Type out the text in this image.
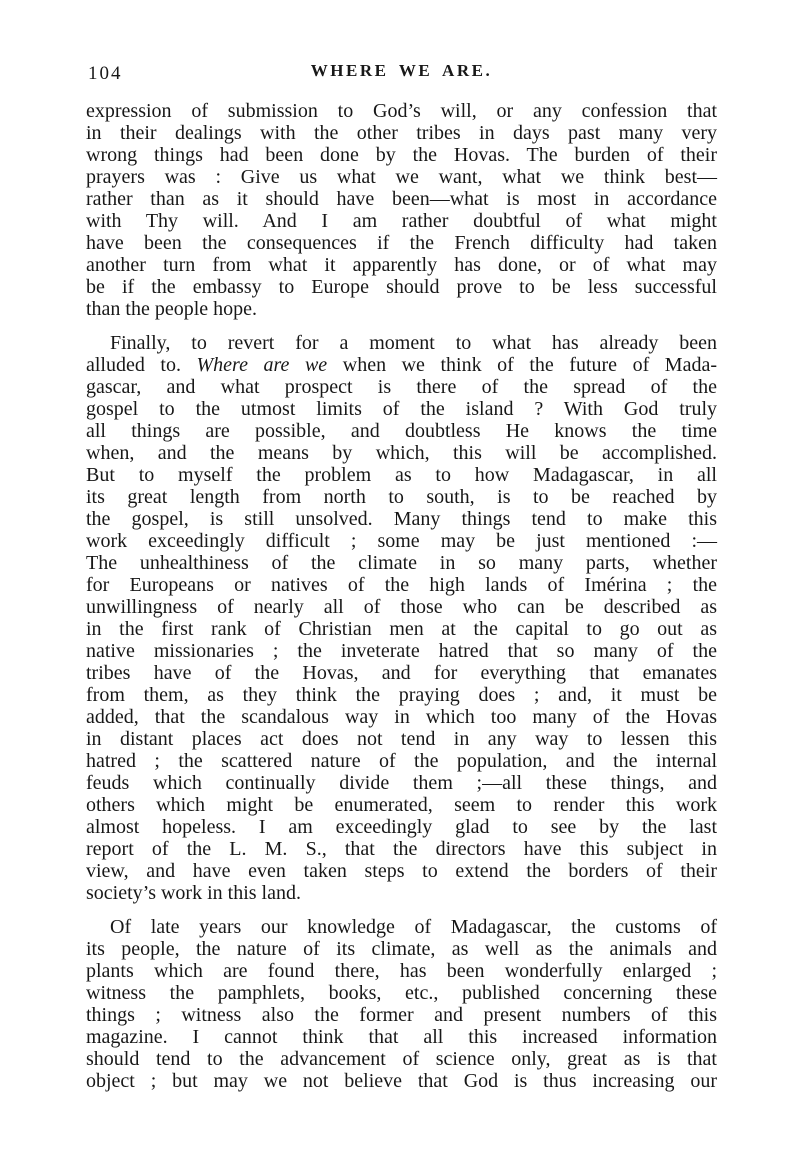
104	WHERE WE ARE.
expression of submission to God’s will, or any confession that
in their dealings with the other tribes in days past many very
wrong things had been done by the Hovas. The burden of their
prayers was : Give us what we want, what we think best—
rather than as it should have been—what is most in accordance
with Thy will. And I am rather doubtful of what might
have been the consequences if the French difficulty had taken
another turn from what it apparently has done, or of what may
be if the embassy to Europe should prove to be less successful
than the people hope.
Finally, to revert for a moment to what has already been
alluded to. Where are we when we think of the future of Mada-
gascar, and what prospect is there of the spread of the
gospel to the utmost limits of the island ? With God truly
all things are possible, and doubtless He knows the time
when, and the means by which, this will be accomplished.
But to myself the problem as to how Madagascar, in all
its great length from north to south, is to be reached by
the gospel, is still unsolved. Many things tend to make this
work exceedingly difficult ; some may be just mentioned :—
The unhealthiness of the climate in so many parts, whether
for Europeans or natives of the high lands of Imérina ; the
unwillingness of nearly all of those who can be described as
in the first rank of Christian men at the capital to go out as
native missionaries ; the inveterate hatred that so many of the
tribes have of the Hovas, and for everything that emanates
from them, as they think the praying does ; and, it must be
added, that the scandalous way in which too many of the Hovas
in distant places act does not tend in any way to lessen this
hatred ; the scattered nature of the population, and the internal
feuds which continually divide them ;—all these things, and
others which might be enumerated, seem to render this work
almost hopeless. I am exceedingly glad to see by the last
report of the L. M. S., that the directors have this subject in
view, and have even taken steps to extend the borders of their
society’s work in this land.
Of late years our knowledge of Madagascar, the customs of
its people, the nature of its climate, as well as the animals and
plants which are found there, has been wonderfully enlarged ;
witness the pamphlets, books, etc., published concerning these
things ; witness also the former and present numbers of this
magazine. I cannot think that all this increased information
should tend to the advancement of science only, great as is that
object ; but may we not believe that God is thus increasing our
